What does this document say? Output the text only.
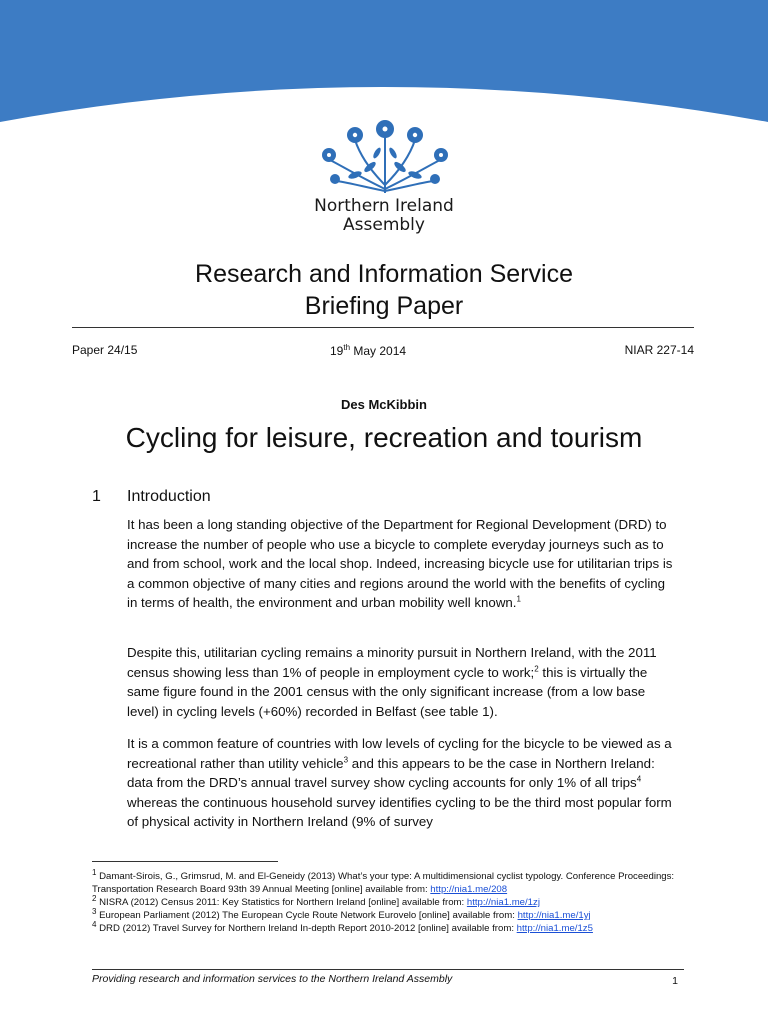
Northern Ireland
Assembly
Research and Information Service
Briefing Paper
Paper 24/15	19th May 2014	NIAR 227-14
Des McKibbin
Cycling for leisure, recreation and tourism
1 Introduction

It has been a long standing objective of the Department for Regional Development (DRD) to increase the number of people who use a bicycle to complete everyday journeys such as to and from school, work and the local shop. Indeed, increasing bicycle use for utilitarian trips is a common objective of many cities and regions around the world with the benefits of cycling in terms of health, the environment and urban mobility well known.$^1$

Despite this, utilitarian cycling remains a minority pursuit in Northern Ireland, with the 2011 census showing less than 1% of people in employment cycle to work;$^2$ this is virtually the same figure found in the 2001 census with the only significant increase (from a low base level) in cycling levels (+60%) recorded in Belfast (see table 1).

It is a common feature of countries with low levels of cycling for the bicycle to be viewed as a recreational rather than utility vehicle$^3$ and this appears to be the case in Northern Ireland: data from the DRD’s annual travel survey show cycling accounts for only 1% of all trips$^4$ whereas the continuous household survey identifies cycling to be the third most popular form of physical activity in Northern Ireland (9% of survey

$^1$ Damant-Sirois, G., Grimsrud, M. and El-Geneidy (2013) What’s your type: A multidimensional cyclist typology. Conference Proceedings: Transportation Research Board 93th 39 Annual Meeting [online] available from: http://nia1.me/208

$^2$ NISRA (2012) Census 2011: Key Statistics for Northern Ireland [online] available from: http://nia1.me/1zj

$^3$ European Parliament (2012) The European Cycle Route Network Eurovelo [online] available from: http://nia1.me/1yj

$^4$ DRD (2012) Travel Survey for Northern Ireland In-depth Report 2010-2012 [online] available from: http://nia1.me/1z5

Providing research and information services to the Northern Ireland Assembly	1
